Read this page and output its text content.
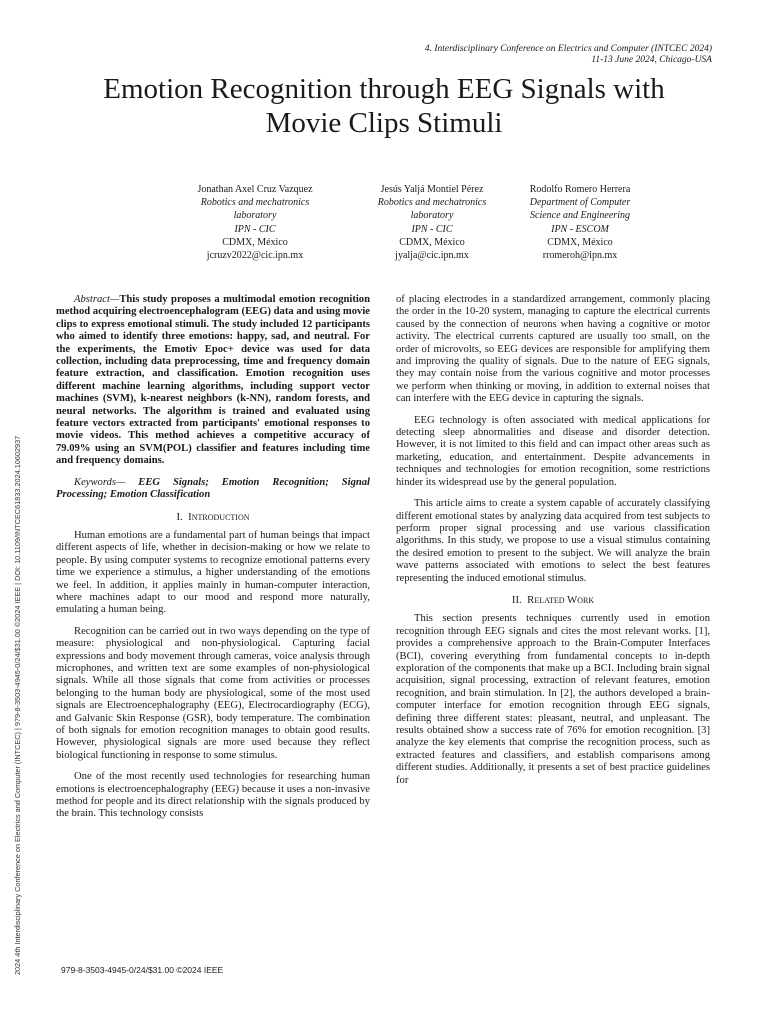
4. Interdisciplinary Conference on Electrics and Computer (INTCEC 2024)
11-13 June 2024, Chicago-USA
Emotion Recognition through EEG Signals with
Movie Clips Stimuli
Jonathan Axel Cruz Vazquez
Robotics and mechatronics
laboratory
IPN - CIC
CDMX, México
jcruzv2022@cic.ipn.mx
Jesús Yaljá Montiel Pérez
Robotics and mechatronics
laboratory
IPN - CIC
CDMX, México
jyalja@cic.ipn.mx
Rodolfo Romero Herrera
Department of Computer
Science and Engineering
IPN - ESCOM
CDMX, México
rromeroh@ipn.mx
2024 4th Interdisciplinary Conference on Electrics and Computer (INTCEC) | 979-8-3503-4945-0/24/$31.00 ©2024 IEEE | DOI: 10.1109/INTCEC61833.2024.10602937

Abstract—This study proposes a multimodal emotion recognition method acquiring electroencephalogram (EEG) data and using movie clips to express emotional stimuli. The study included 12 participants who aimed to identify three emotions: happy, sad, and neutral. For the experiments, the Emotiv Epoc+ device was used for data collection, including data preprocessing, time and frequency domain feature extraction, and classification. Emotion recognition uses different machine learning algorithms, including support vector machines (SVM), k-nearest neighbors (k-NN), random forests, and neural networks. The algorithm is trained and evaluated using feature vectors extracted from participants' emotional responses to movie videos. This method achieves a competitive accuracy of 79.09% using an SVM(POL) classifier and features including time and frequency domains.

Keywords— EEG Signals; Emotion Recognition; Signal Processing; Emotion Classification

I. Introduction

Human emotions are a fundamental part of human beings that impact different aspects of life, whether in decision-making or how we relate to people. By using computer systems to recognize emotional patterns every time we experience a stimulus, a higher understanding of the emotions we feel. In addition, it applies mainly in human-computer interaction, where machines adapt to our mood and respond more naturally, emulating a human being.

Recognition can be carried out in two ways depending on the type of measure: physiological and non-physiological. Capturing facial expressions and body movement through cameras, voice analysis through microphones, and written text are some examples of non-physiological signals. While all those signals that come from activities or processes belonging to the human body are physiological, some of the most used signals are Electroencephalography (EEG), Electrocardiography (ECG), and Galvanic Skin Response (GSR), body temperature. The combination of both signals for emotion recognition manages to obtain good results. However, physiological signals are more used because they reflect biological functioning in response to some stimulus.

One of the most recently used technologies for researching human emotions is electroencephalography (EEG) because it uses a non-invasive method for people and its direct relationship with the signals produced by the brain. This technology consists

of placing electrodes in a standardized arrangement, commonly placing the order in the 10-20 system, managing to capture the electrical currents caused by the connection of neurons when having a cognitive or motor activity. The electrical currents captured are usually too small, on the order of microvolts, so EEG devices are responsible for amplifying them and improving the quality of signals. Due to the nature of EEG signals, they may contain noise from the various cognitive and motor processes we perform when thinking or moving, in addition to external noises that can interfere with the EEG device in capturing the signals.

EEG technology is often associated with medical applications for detecting sleep abnormalities and disease and disorder detection. However, it is not limited to this field and can impact other areas such as marketing, education, and entertainment. Despite advancements in techniques and technologies for emotion recognition, some restrictions hinder its widespread use by the general population.

This article aims to create a system capable of accurately classifying different emotional states by analyzing data acquired from test subjects to perform proper signal processing and use various classification algorithms. In this study, we propose to use a visual stimulus containing the desired emotion to present to the subject. We will analyze the brain wave patterns associated with emotions to select the best features representing the induced emotional stimulus.

II. Related Work

This section presents techniques currently used in emotion recognition through EEG signals and cites the most relevant works. [1], provides a comprehensive approach to the Brain-Computer Interfaces (BCI), covering everything from fundamental concepts to in-depth exploration of the components that make up a BCI. Including brain signal acquisition, signal processing, extraction of relevant features, emotion recognition, and brain stimulation. In [2], the authors developed a brain-computer interface for emotion recognition through EEG signals, defining three different states: pleasant, neutral, and unpleasant. The results obtained show a success rate of 76% for emotion recognition. [3] analyze the key elements that comprise the recognition process, such as extracted features and classifiers, and establish comparisons among different studies. Additionally, it presents a set of best practice guidelines for

979-8-3503-4945-0/24/$31.00 ©2024 IEEE
